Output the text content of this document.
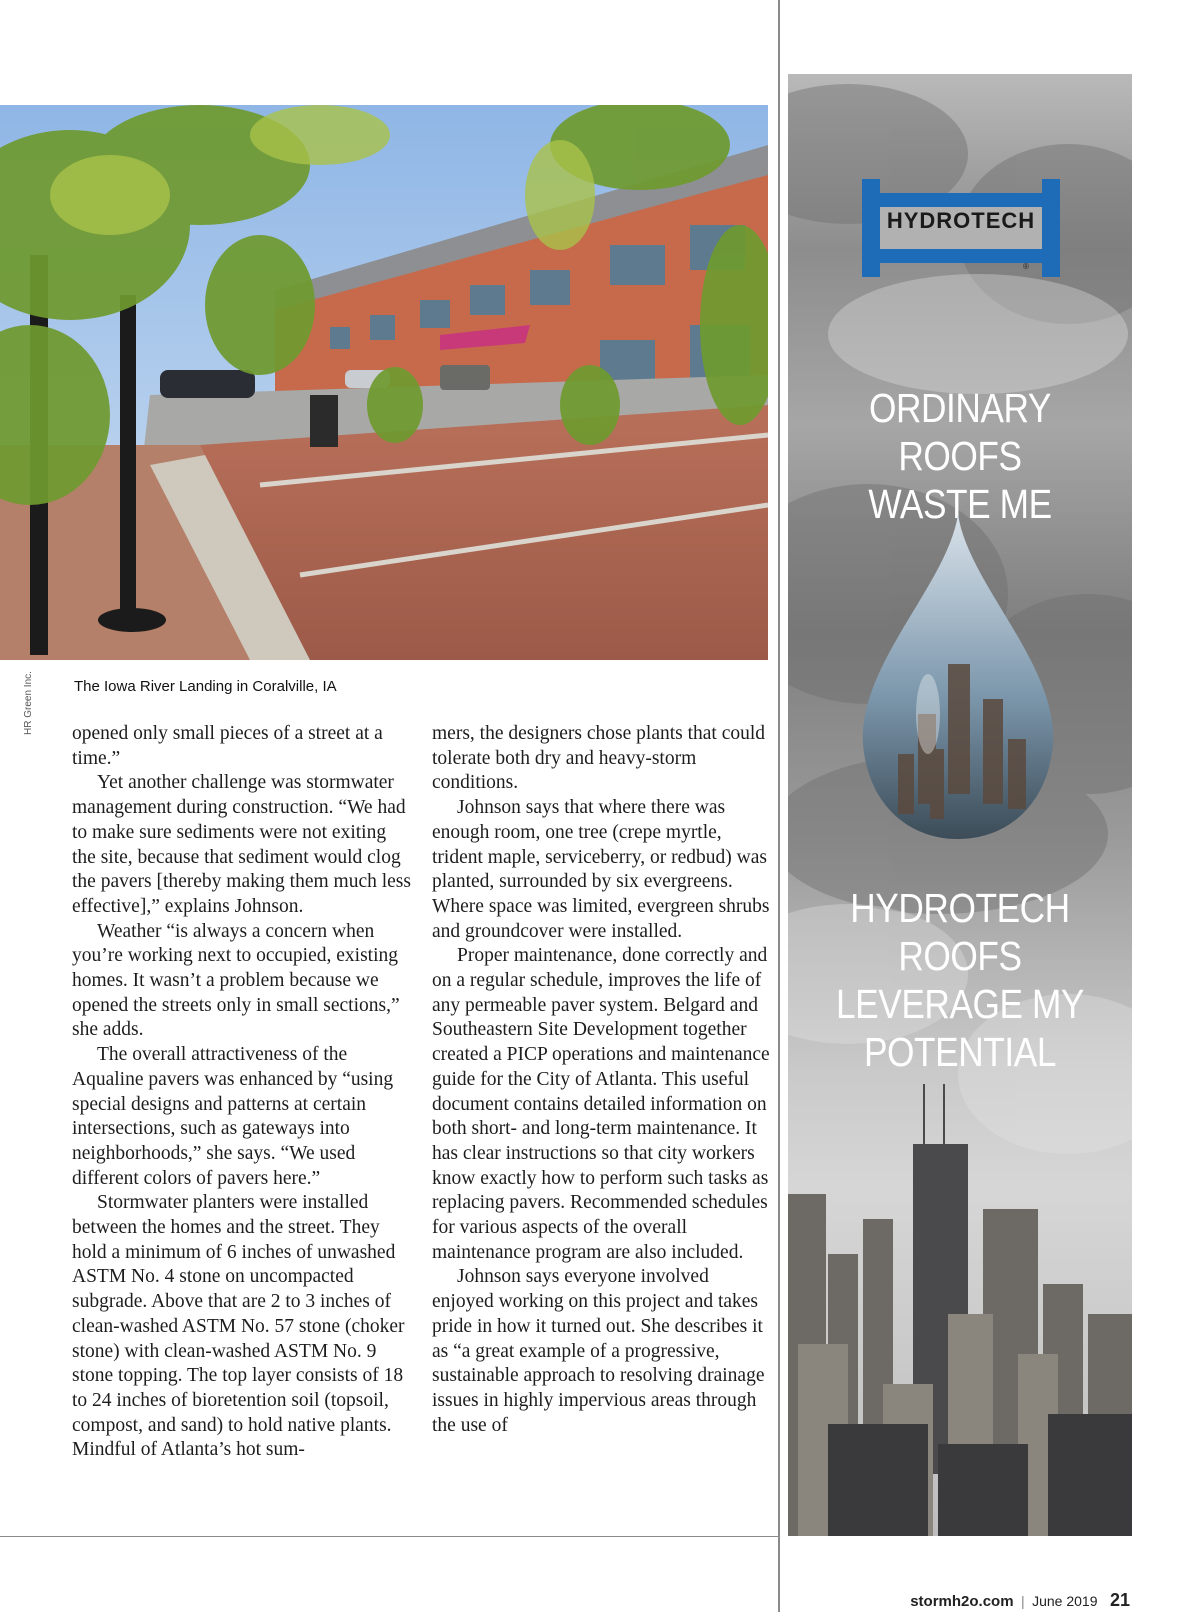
HR Green Inc.	The Iowa River Landing in Coralville, IA

opened only small pieces of a street at a time.”

Yet another challenge was stormwater management during construction. “We had to make sure sediments were not exiting the site, because that sediment would clog the pavers [thereby making them much less effective],” explains Johnson.

Weather “is always a concern when you’re working next to occupied, existing homes. It wasn’t a problem because we opened the streets only in small sections,” she adds.

The overall attractiveness of the Aqualine pavers was enhanced by “using special designs and patterns at certain intersections, such as gateways into neighborhoods,” she says. “We used different colors of pavers here.”

Stormwater planters were installed between the homes and the street. They hold a minimum of 6 inches of unwashed ASTM No. 4 stone on uncompacted subgrade. Above that are 2 to 3 inches of clean-washed ASTM No. 57 stone (choker stone) with clean-washed ASTM No. 9 stone topping. The top layer consists of 18 to 24 inches of bioretention soil (topsoil, compost, and sand) to hold native plants. Mindful of Atlanta’s hot sum-

mers, the designers chose plants that could tolerate both dry and heavy-storm conditions.

Johnson says that where there was enough room, one tree (crepe myrtle, trident maple, serviceberry, or redbud) was planted, surrounded by six evergreens. Where space was limited, evergreen shrubs and groundcover were installed.

Proper maintenance, done correctly and on a regular schedule, improves the life of any permeable paver system. Belgard and Southeastern Site Development together created a PICP operations and maintenance guide for the City of Atlanta. This useful document contains detailed information on both short- and long-term maintenance. It has clear instructions so that city workers know exactly how to perform such tasks as replacing pavers. Recommended schedules for various aspects of the overall maintenance program are also included.

Johnson says everyone involved enjoyed working on this project and takes pride in how it turned out. She describes it as “a great example of a progressive, sustainable approach to resolving drainage issues in highly impervious areas through the use of

HYDROTECH
®
ORDINARY ROOFS
WASTE ME
HYDROTECH ROOFS
LEVERAGE MY
POTENTIAL
stormh2o.com | June 2019 21
